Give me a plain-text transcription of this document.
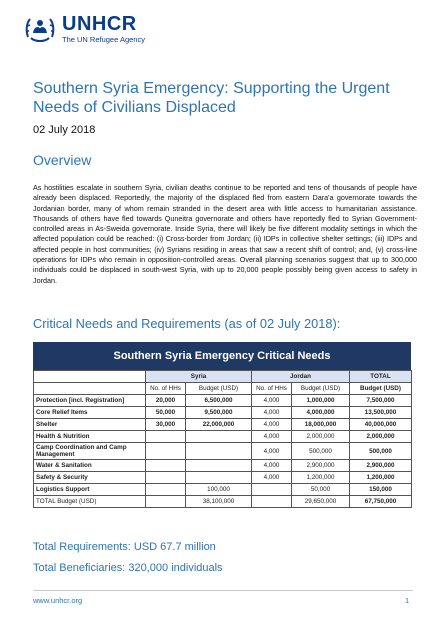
UNHCR
The UN Refugee Agency
Southern Syria Emergency: Supporting the Urgent Needs of Civilians Displaced
02 July 2018
Overview
As hostilities escalate in southern Syria, civilian deaths continue to be reported and tens of thousands of people have already been displaced. Reportedly, the majority of the displaced fled from eastern Dara'a governorate towards the Jordanian border, many of whom remain stranded in the desert area with little access to humanitarian assistance. Thousands of others have fled towards Quneitra governorate and others have reportedly fled to Syrian Government-controlled areas in As-Sweida governorate. Inside Syria, there will likely be five different modality settings in which the affected population could be reached: (i) Cross-border from Jordan; (ii) IDPs in collective shelter settings; (iii) IDPs and affected people in host communities; (iv) Syrians residing in areas that saw a recent shift of control; and, (v) cross-line operations for IDPs who remain in opposition-controlled areas. Overall planning scenarios suggest that up to 300,000 individuals could be displaced in south-west Syria, with up to 20,000 people possibly being given access to safety in Jordan.
Critical Needs and Requirements (as of 02 July 2018):
Southern Syria Emergency Critical Needs
	Syria		Jordan		TOTAL
	No. of HHs	Budget (USD)	No. of HHs	Budget (USD)	Budget (USD)
Protection [incl. Registration]	20,000	6,500,000	4,000	1,000,000	7,500,000
Core Relief Items	50,000	9,500,000	4,000	4,000,000	13,500,000
Shelter	30,000	22,000,000	4,000	18,000,000	40,000,000
Health & Nutrition			4,000	2,000,000	2,000,000
Camp Coordination and Camp Management			4,000	500,000	500,000
Water & Sanitation			4,000	2,900,000	2,900,000
Safety & Security			4,000	1,200,000	1,200,000
Logistics Support		100,000		50,000	150,000
TOTAL Budget (USD)		38,100,000		29,650,000	67,750,000
Total Requirements: USD 67.7 million
Total Beneficiaries: 320,000 individuals
www.unhcr.org	1
